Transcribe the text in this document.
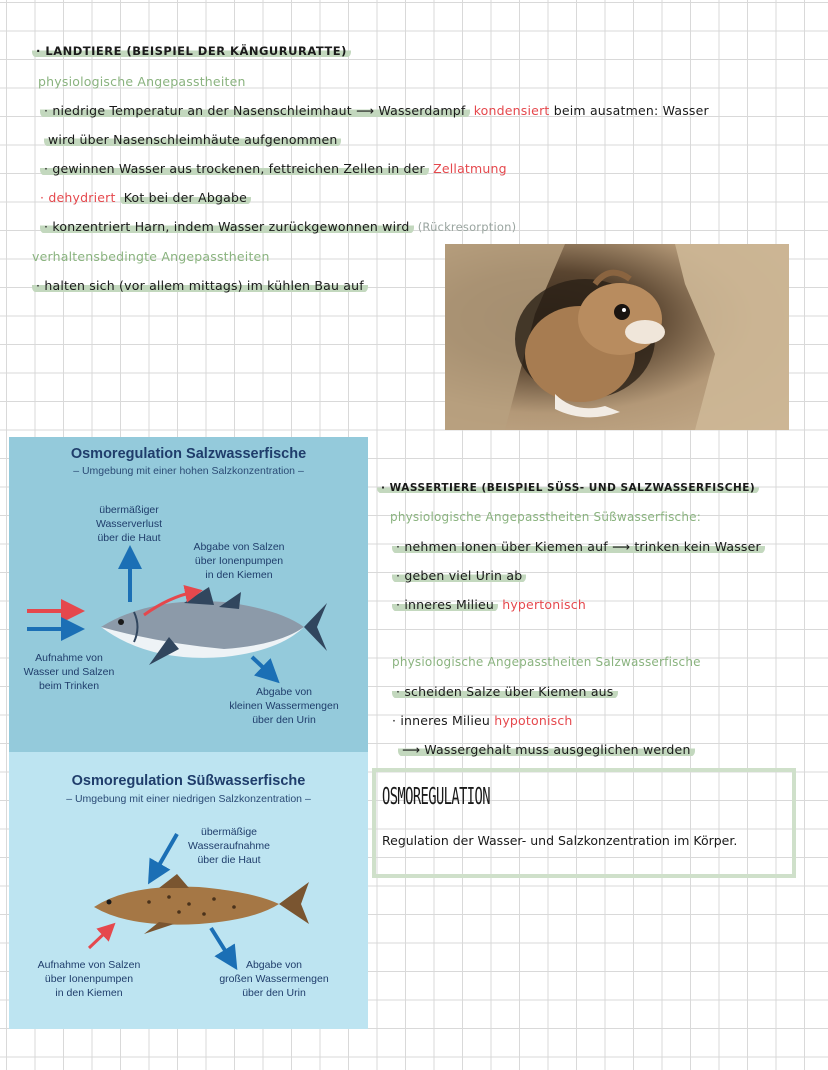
· LANDTIERE (BEISPIEL DER KÄNGURURATTE)
physiologische Angepasstheiten
· niedrige Temperatur an der Nasenschleimhaut ⟶ Wasserdampf kondensiert beim ausatmen: Wasser
wird über Nasenschleimhäute aufgenommen
· gewinnen Wasser aus trockenen, fettreichen Zellen in der Zellatmung
· dehydriert Kot bei der Abgabe
· konzentriert Harn, indem Wasser zurückgewonnen wird (Rückresorption)
verhaltensbedingte Angepasstheiten
· halten sich (vor allem mittags) im kühlen Bau auf
Osmoregulation Salzwasserfische
– Umgebung mit einer hohen Salzkonzentration –
übermäßiger
Wasserverlust
über die Haut
Abgabe von Salzen
über Ionenpumpen
in den Kiemen
Aufnahme von
Wasser und Salzen
beim Trinken	Abgabe von
kleinen Wassermengen
über den Urin
Osmoregulation Süßwasserfische
– Umgebung mit einer niedrigen Salzkonzentration –
übermäßige
Wasseraufnahme
über die Haut
Aufnahme von Salzen
über Ionenpumpen
in den Kiemen
Abgabe von
großen Wassermengen
über den Urin
· WASSERTIERE (BEISPIEL SÜSS- UND SALZWASSERFISCHE)
physiologische Angepasstheiten Süßwasserfische:
· nehmen Ionen über Kiemen auf ⟶ trinken kein Wasser
· geben viel Urin ab
· inneres Milieu hypertonisch
physiologische Angepasstheiten Salzwasserfische
· scheiden Salze über Kiemen aus
· inneres Milieu hypotonisch
⟶ Wassergehalt muss ausgeglichen werden
OSMOREGULATION
Regulation der Wasser- und Salzkonzentration im Körper.
